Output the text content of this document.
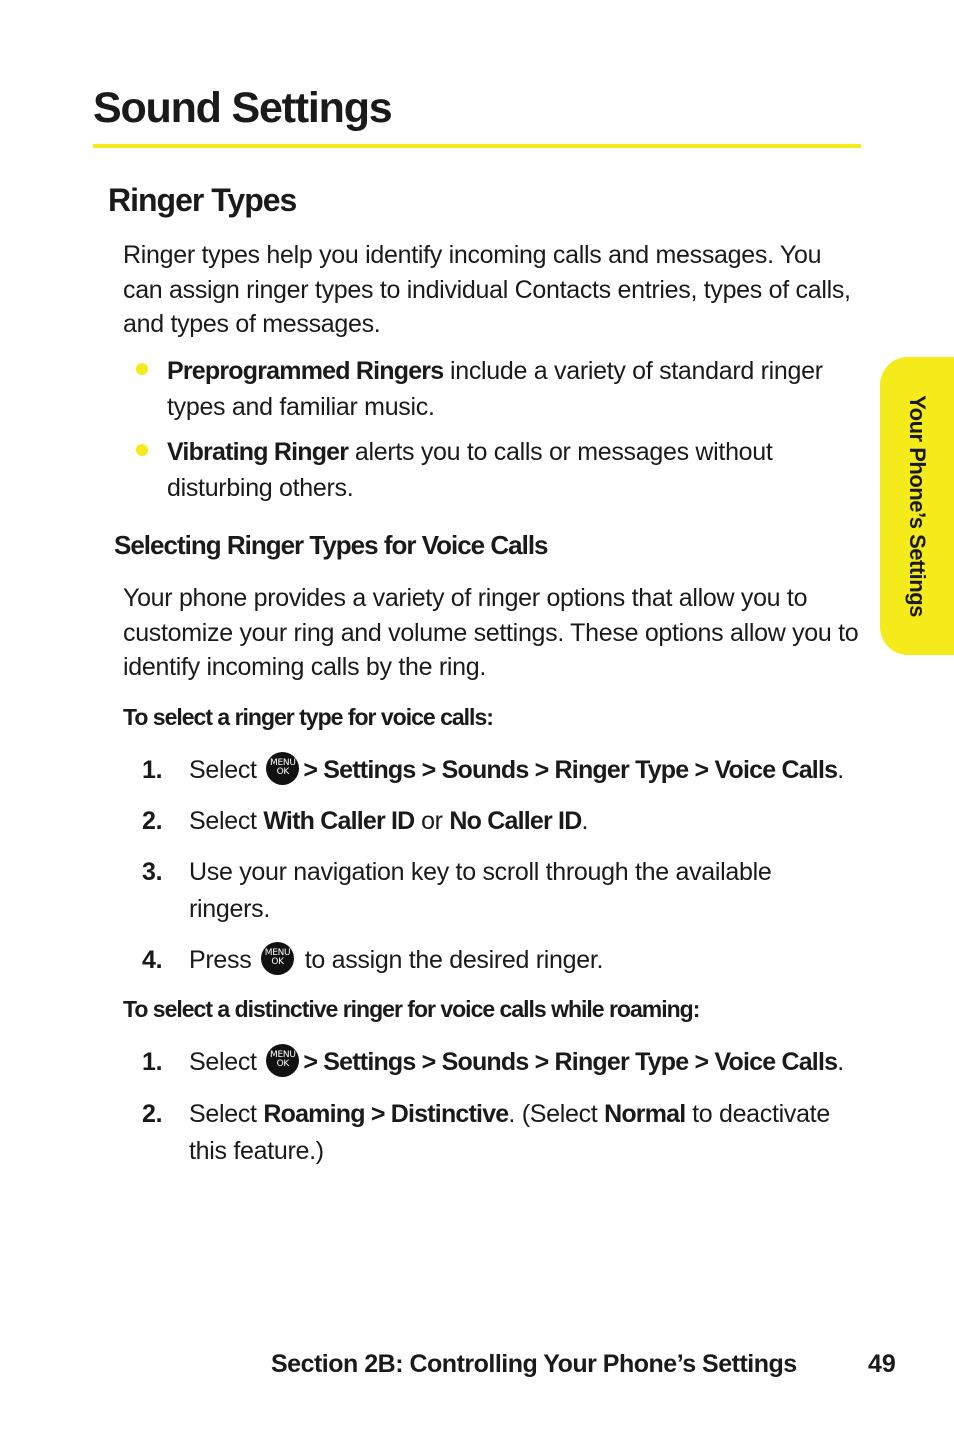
Sound Settings
Ringer Types

Ringer types help you identify incoming calls and messages. You can assign ringer types to individual Contacts entries, types of calls, and types of messages.

Preprogrammed Ringers include a variety of standard ringer types and familiar music.
Vibrating Ringer alerts you to calls or messages without disturbing others.
Selecting Ringer Types for Voice Calls

Your phone provides a variety of ringer options that allow you to customize your ring and volume settings. These options allow you to identify incoming calls by the ring.

To select a ringer type for voice calls:
1. Select MENU
OK > Settings > Sounds > Ringer Type > Voice Calls.
2. Select With Caller ID or No Caller ID.
3. Use your navigation key to scroll through the available ringers.
4. Press MENU
OK to assign the desired ringer.
To select a distinctive ringer for voice calls while roaming:
1. Select MENU
OK > Settings > Sounds > Ringer Type > Voice Calls.
2. Select Roaming > Distinctive. (Select Normal to deactivate this feature.)
Your Phone’s Settings
Section 2B: Controlling Your Phone’s Settings	49
